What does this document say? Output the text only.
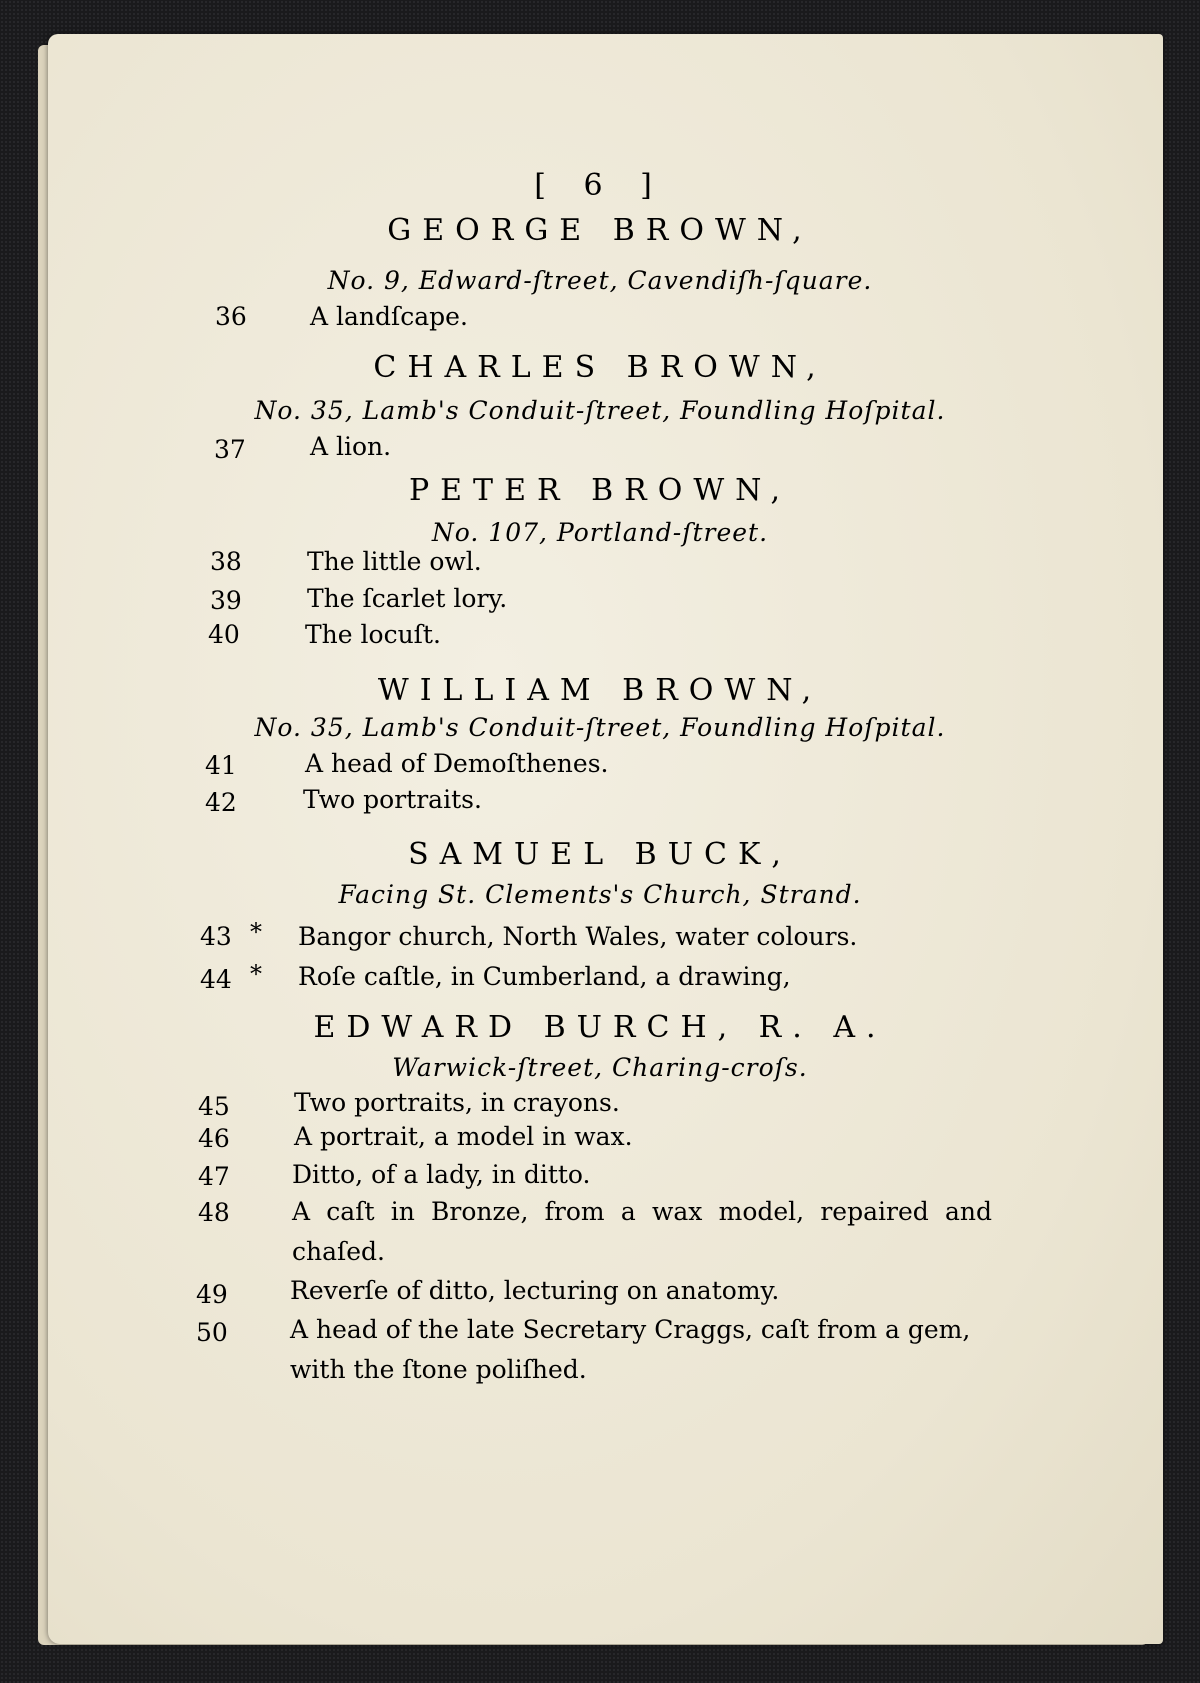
[ 6 ]
GEORGE BROWN,
No. 9, Edward-ſtreet, Cavendiſh-ſquare.
36	A landſcape.
CHARLES BROWN,
No. 35, Lamb's Conduit-ſtreet, Foundling Hoſpital.
37	A lion.
PETER BROWN,
No. 107, Portland-ſtreet.
38	The little owl.
39	The ſcarlet lory.
40	The locuſt.
WILLIAM BROWN,
No. 35, Lamb's Conduit-ſtreet, Foundling Hoſpital.
41	A head of Demoſthenes.
42	Two portraits.
SAMUEL BUCK,
Facing St. Clements's Church, Strand.
43 * Bangor church, North Wales, water colours.
44 * Roſe caſtle, in Cumberland, a drawing,
EDWARD BURCH, R. A.
Warwick-ſtreet, Charing-croſs.
45	Two portraits, in crayons.
46	A portrait, a model in wax.
47 Ditto, of a lady, in ditto.
48 A caſt in Bronze, from a wax model, repaired and chaſed.
49 Reverſe of ditto, lecturing on anatomy.
50 A head of the late Secretary Craggs, caſt from a gem, with the ſtone poliſhed.
